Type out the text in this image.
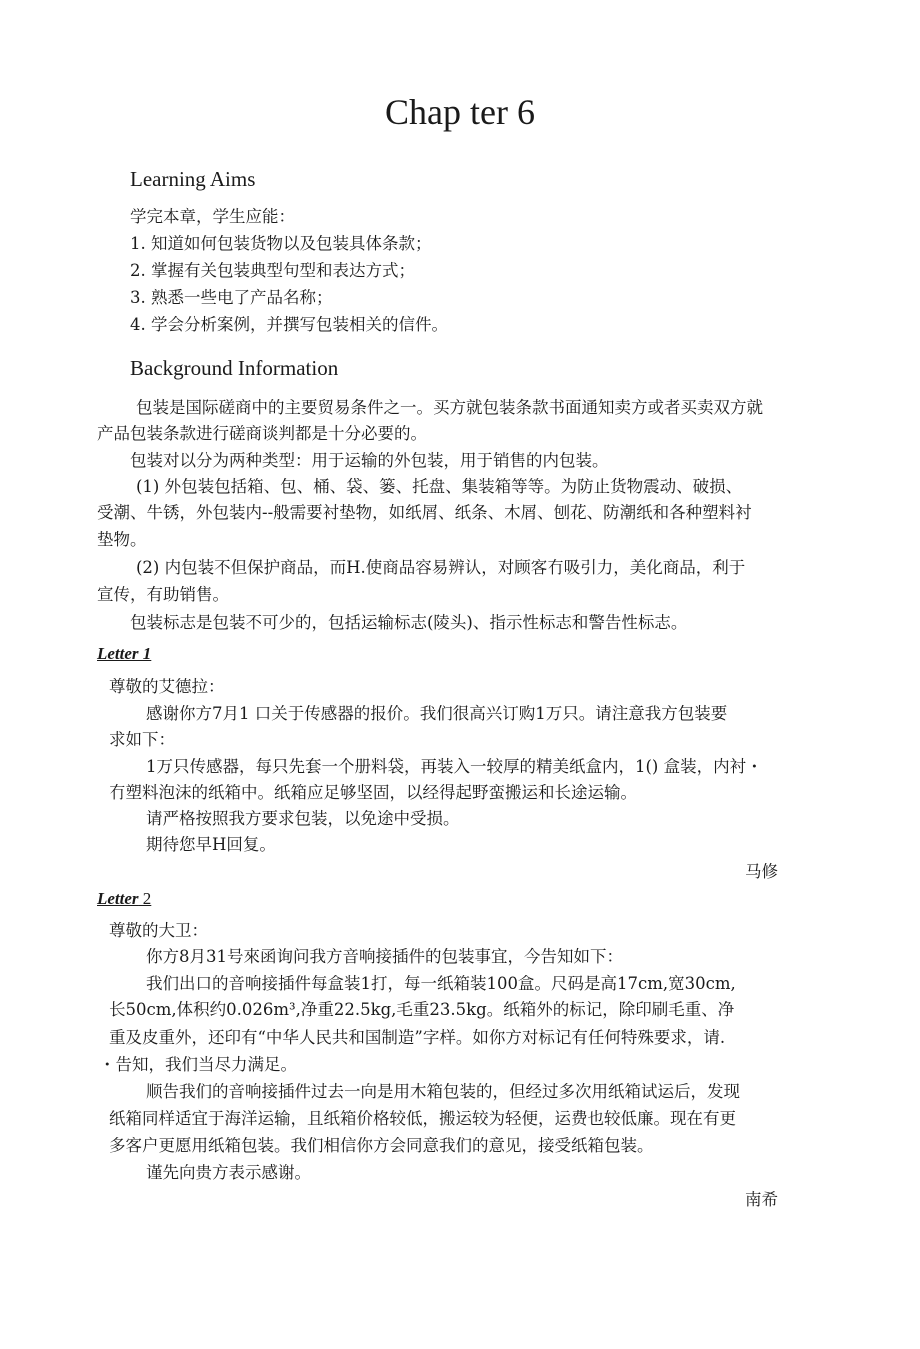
Chap ter 6
Learning Aims
学完本章，学生应能：
1. 知道如何包装货物以及包装具体条款；
2. 掌握有关包装典型句型和表达方式；
3. 熟悉一些电了产品名称；
4. 学会分析案例，并撰写包装相关的信件。
Background Information
包装是国际磋商中的主要贸易条件之一。买方就包装条款书面通知卖方或者买卖双方就
产品包装条款进行磋商谈判都是十分必要的。
包装对以分为两种类型：用于运输的外包装，用于销售的内包装。
(1) 外包装包括箱、包、桶、袋、篓、托盘、集装箱等等。为防止货物震动、破损、
受潮、牛锈，外包装内--般需要衬垫物，如纸屑、纸条、木屑、刨花、防潮纸和各种塑料衬
垫物。
(2) 内包装不但保护商品，而H.使商品容易辨认，对顾客冇吸引力，美化商品，利于
宣传，有助销售。
包装标志是包装不可少的，包括运输标志(陵头)、指示性标志和警告性标志。
Letter 1
尊敬的艾德拉：
感谢你方7月1 口关于传感器的报价。我们很高兴订购1万只。请注意我方包装要
求如下：
1万只传感器，每只先套一个册料袋，再装入一较厚的精美纸盒内，1() 盒装，内衬・
冇塑料泡沫的纸箱中。纸箱应足够坚固，以经得起野蛮搬运和长途运输。
请严格按照我方要求包装，以免途中受损。
期待您早H回复。
马修
Letter 2
尊敬的大卫：
你方8月31号來函询问我方音响接插件的包装事宜，今告知如下：
我们出口的音响接插件每盒装1打，每一纸箱装100盒。尺码是高17cm,宽30cm,
长50cm,体积约0.026m³,净重22.5kg,毛重23.5kg。纸箱外的标记，除印刷毛重、净
重及皮重外，还印有“中华人民共和国制造”字样。如你方对标记有任何特殊要求，请.
・告知，我们当尽力满足。
顺告我们的音响接插件过去一向是用木箱包装的，但经过多次用纸箱试运后，发现
纸箱同样适宜于海洋运输，且纸箱价格较低，搬运较为轻便，运费也较低廉。现在有更
多客户更愿用纸箱包装。我们相信你方会同意我们的意见，接受纸箱包装。
谨先向贵方表示感谢。
南希
